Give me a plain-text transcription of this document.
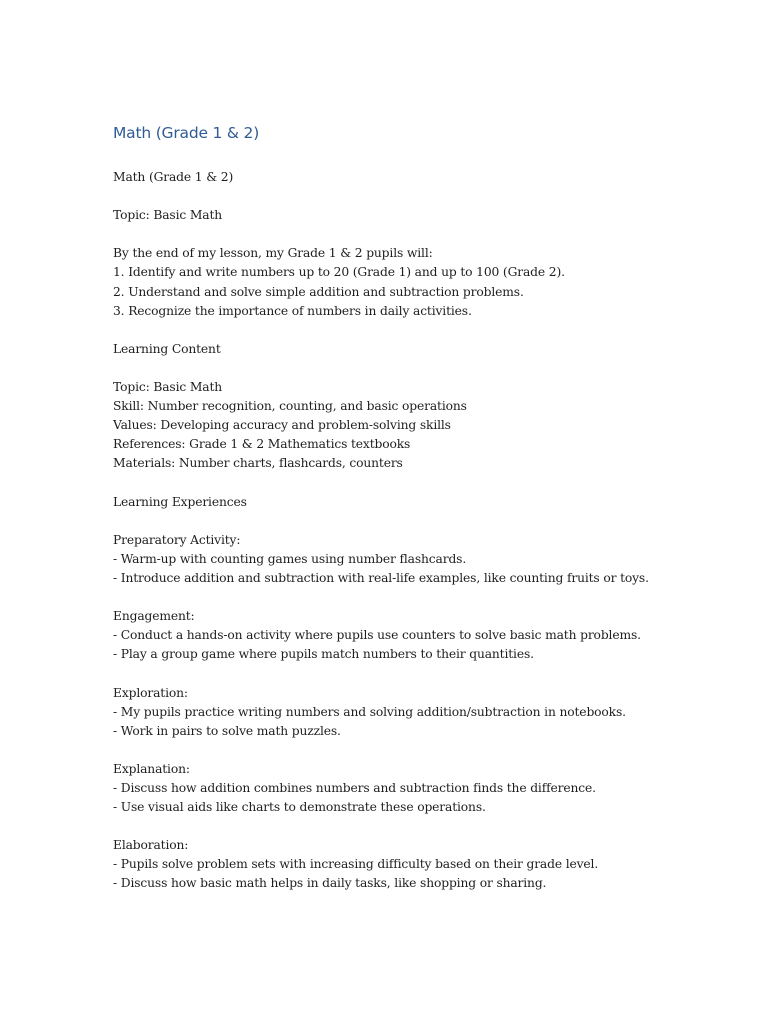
Math (Grade 1 & 2)
Math (Grade 1 & 2)
Topic: Basic Math
By the end of my lesson, my Grade 1 & 2 pupils will:
1. Identify and write numbers up to 20 (Grade 1) and up to 100 (Grade 2).
2. Understand and solve simple addition and subtraction problems.
3. Recognize the importance of numbers in daily activities.
Learning Content
Topic: Basic Math
Skill: Number recognition, counting, and basic operations
Values: Developing accuracy and problem-solving skills
References: Grade 1 & 2 Mathematics textbooks
Materials: Number charts, flashcards, counters
Learning Experiences
Preparatory Activity:
- Warm-up with counting games using number flashcards.
- Introduce addition and subtraction with real-life examples, like counting fruits or toys.
Engagement:
- Conduct a hands-on activity where pupils use counters to solve basic math problems.
- Play a group game where pupils match numbers to their quantities.
Exploration:
- My pupils practice writing numbers and solving addition/subtraction in notebooks.
- Work in pairs to solve math puzzles.
Explanation:
- Discuss how addition combines numbers and subtraction finds the difference.
- Use visual aids like charts to demonstrate these operations.
Elaboration:
- Pupils solve problem sets with increasing difficulty based on their grade level.
- Discuss how basic math helps in daily tasks, like shopping or sharing.
